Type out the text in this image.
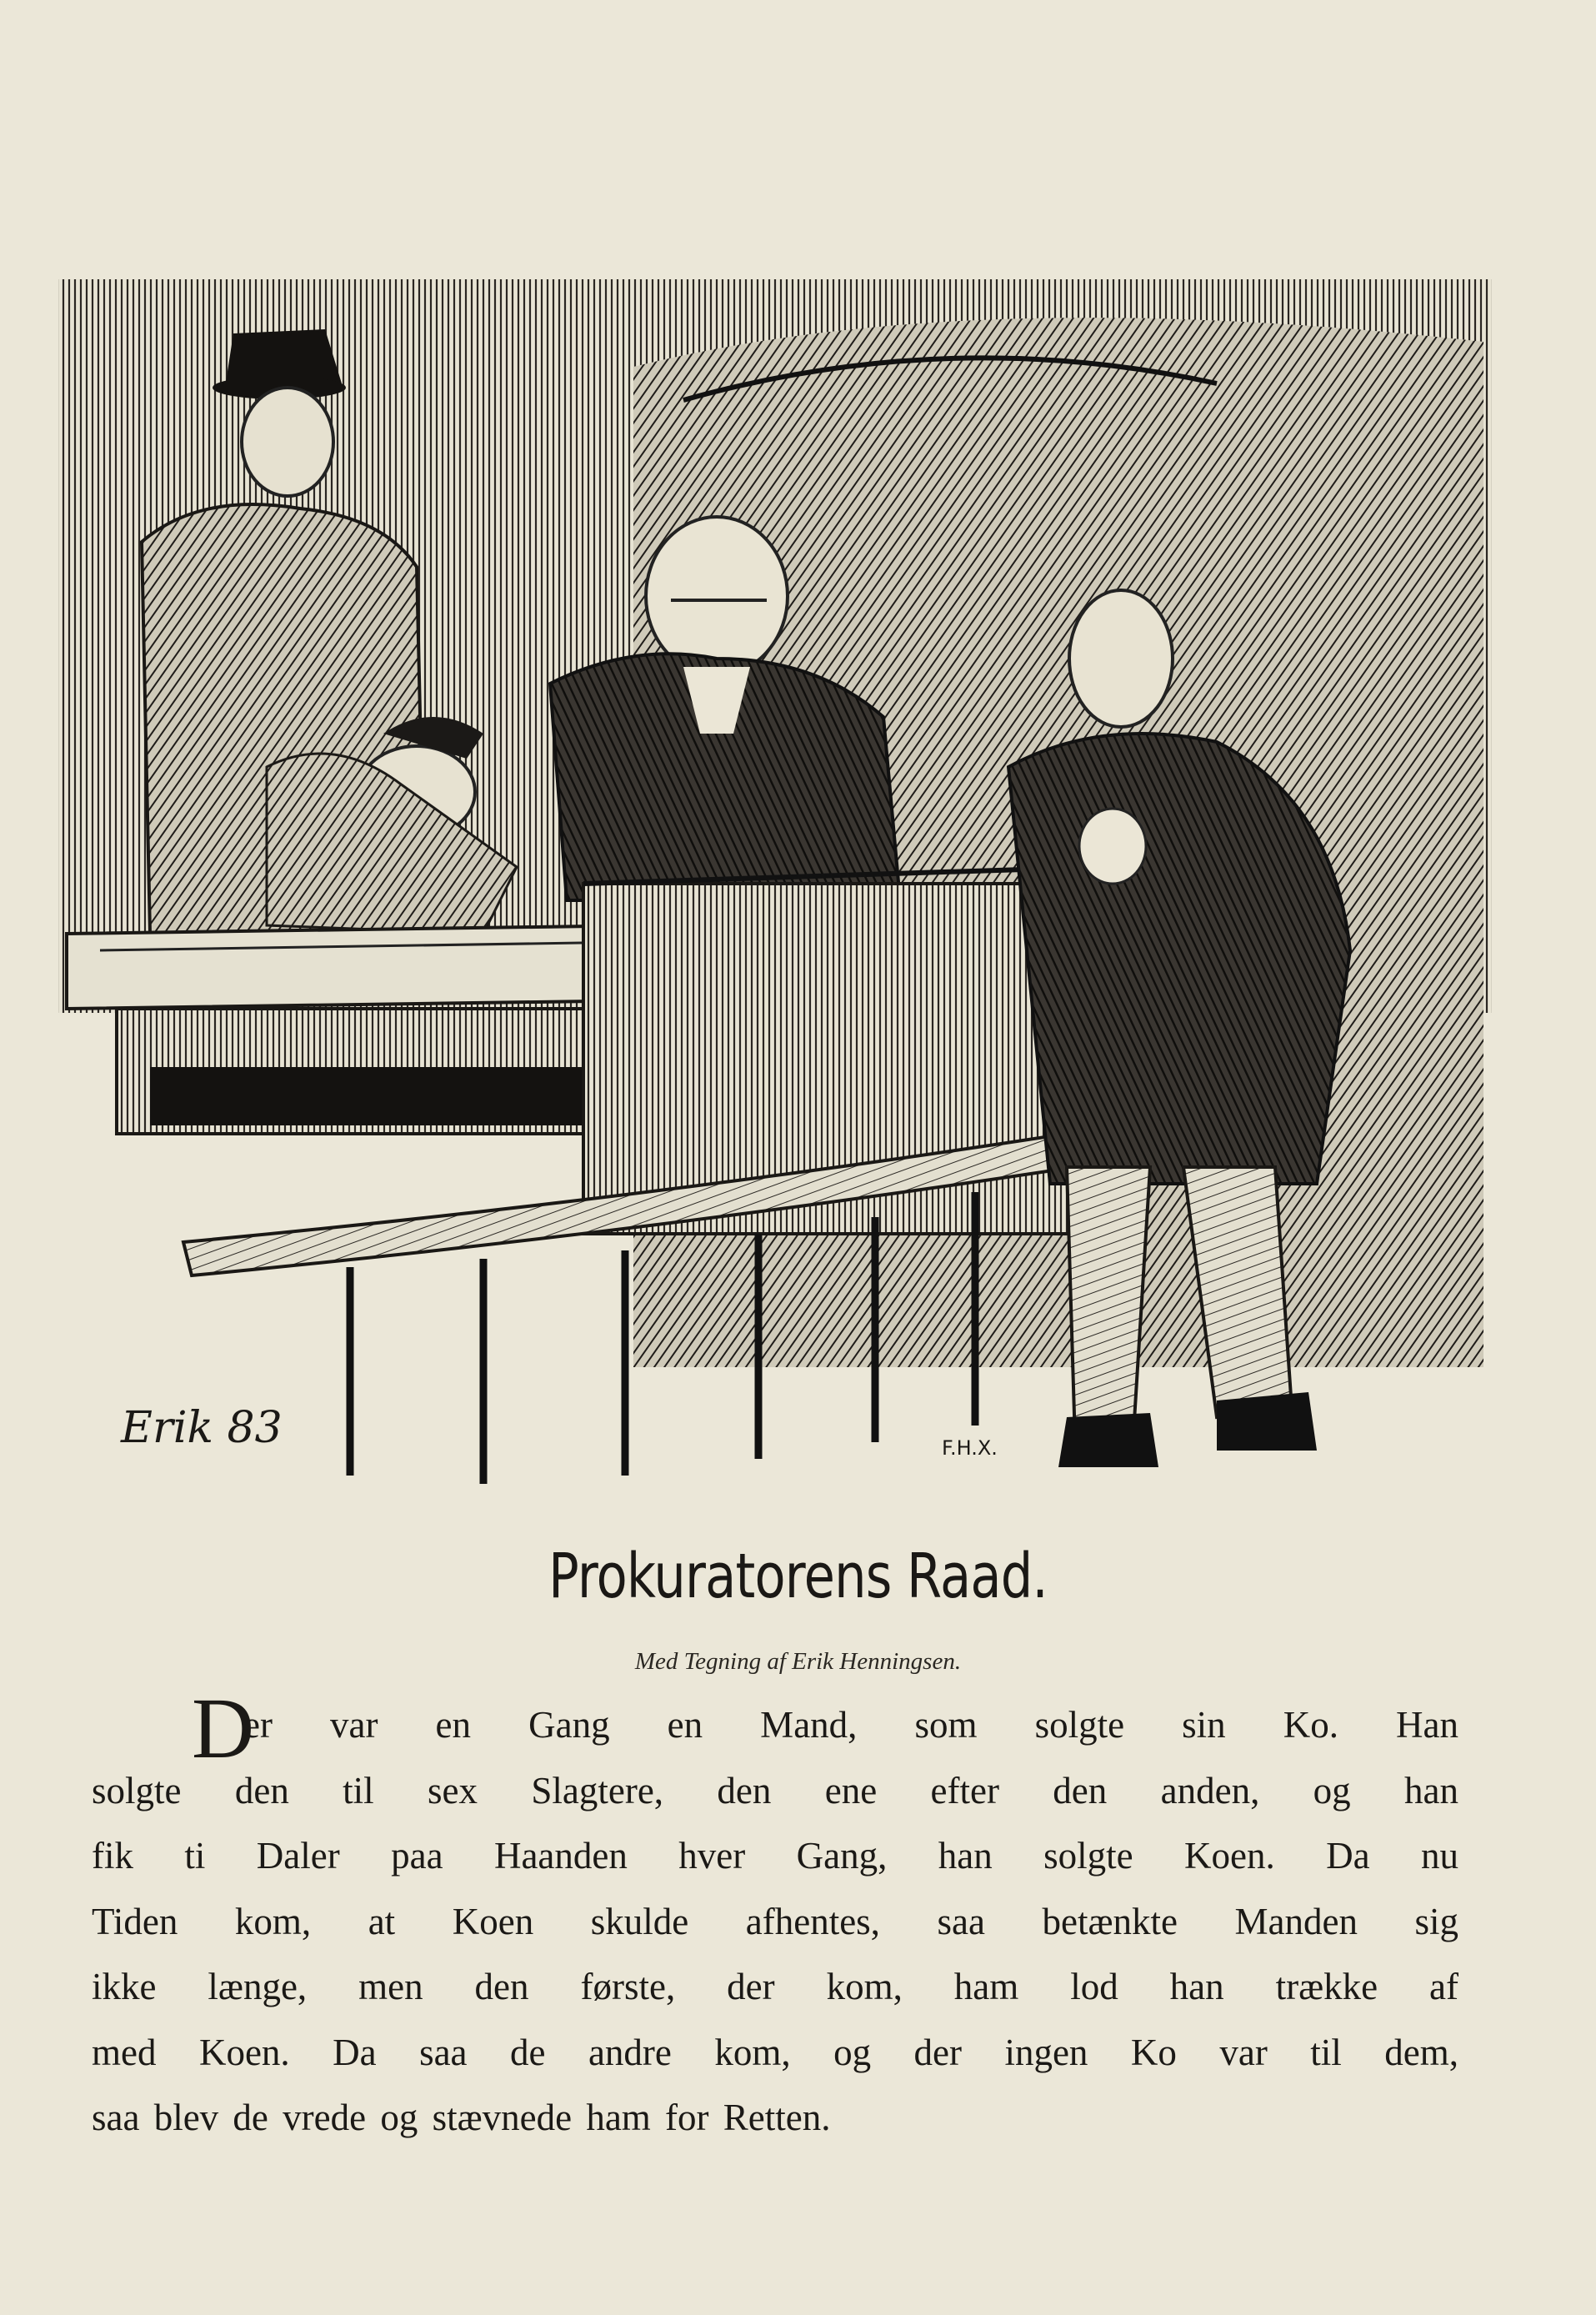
Erik 83	F.H.X.
Prokuratorens Raad.
Med Tegning af Erik Henningsen.
D
er var en Gang en Mand, som solgte sin Ko. Han
solgte den til sex Slagtere, den ene efter den anden, og han
fik ti Daler paa Haanden hver Gang, han solgte Koen. Da nu
Tiden kom, at Koen skulde afhentes, saa betænkte Manden sig
ikke længe, men den første, der kom, ham lod han trække af
med Koen. Da saa de andre kom, og der ingen Ko var til dem,
saa blev de vrede og stævnede ham for Retten.
